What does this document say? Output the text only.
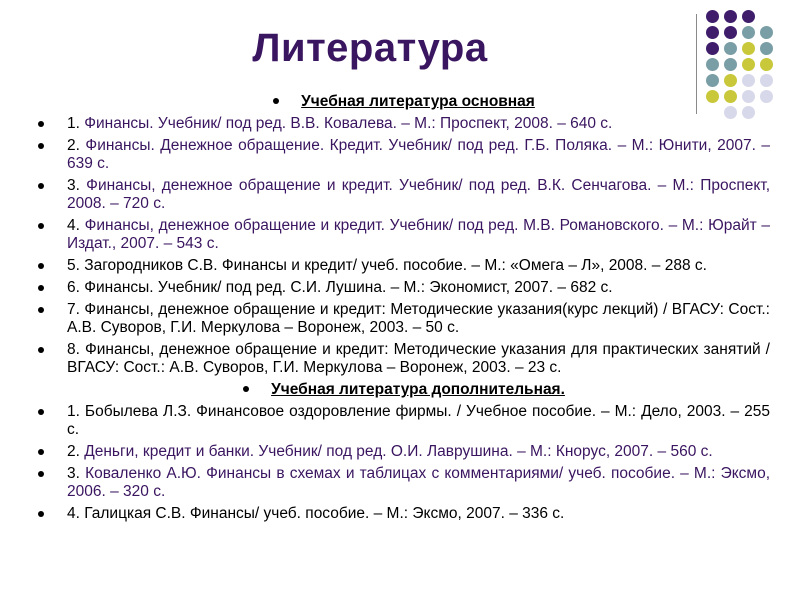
Литература
Учебная литература основная
1. Финансы. Учебник/ под ред. В.В. Ковалева. – М.: Проспект, 2008. – 640 с.
2. Финансы. Денежное обращение. Кредит. Учебник/ под ред. Г.Б. Поляка. – М.: Юнити, 2007. – 639 с.
3. Финансы, денежное обращение и кредит. Учебник/ под ред. В.К. Сенчагова. – М.: Проспект, 2008. – 720 с.
4. Финансы, денежное обращение и кредит. Учебник/ под ред. М.В. Романовского. – М.: Юрайт – Издат., 2007. – 543 с.
5. Загородников С.В. Финансы и кредит/ учеб. пособие. – М.: «Омега – Л», 2008. – 288 с.
6. Финансы. Учебник/ под ред. С.И. Лушина. – М.: Экономист, 2007. – 682 с.
7. Финансы, денежное обращение и кредит: Методические указания(курс лекций) / ВГАСУ: Сост.: А.В. Суворов, Г.И. Меркулова – Воронеж, 2003. – 50 с.
8. Финансы, денежное обращение и кредит: Методические указания для практических занятий / ВГАСУ: Сост.: А.В. Суворов, Г.И. Меркулова – Воронеж, 2003. – 23 с.
Учебная литература дополнительная.
1. Бобылева Л.З. Финансовое оздоровление фирмы. / Учебное пособие. – М.: Дело, 2003. – 255 с.
2. Деньги, кредит и банки. Учебник/ под ред. О.И. Лаврушина. – М.: Кнорус, 2007. – 560 с.
3. Коваленко А.Ю. Финансы в схемах и таблицах с комментариями/ учеб. пособие. – М.: Эксмо, 2006. – 320 с.
4. Галицкая С.В. Финансы/ учеб. пособие. – М.: Эксмо, 2007. – 336 с.
